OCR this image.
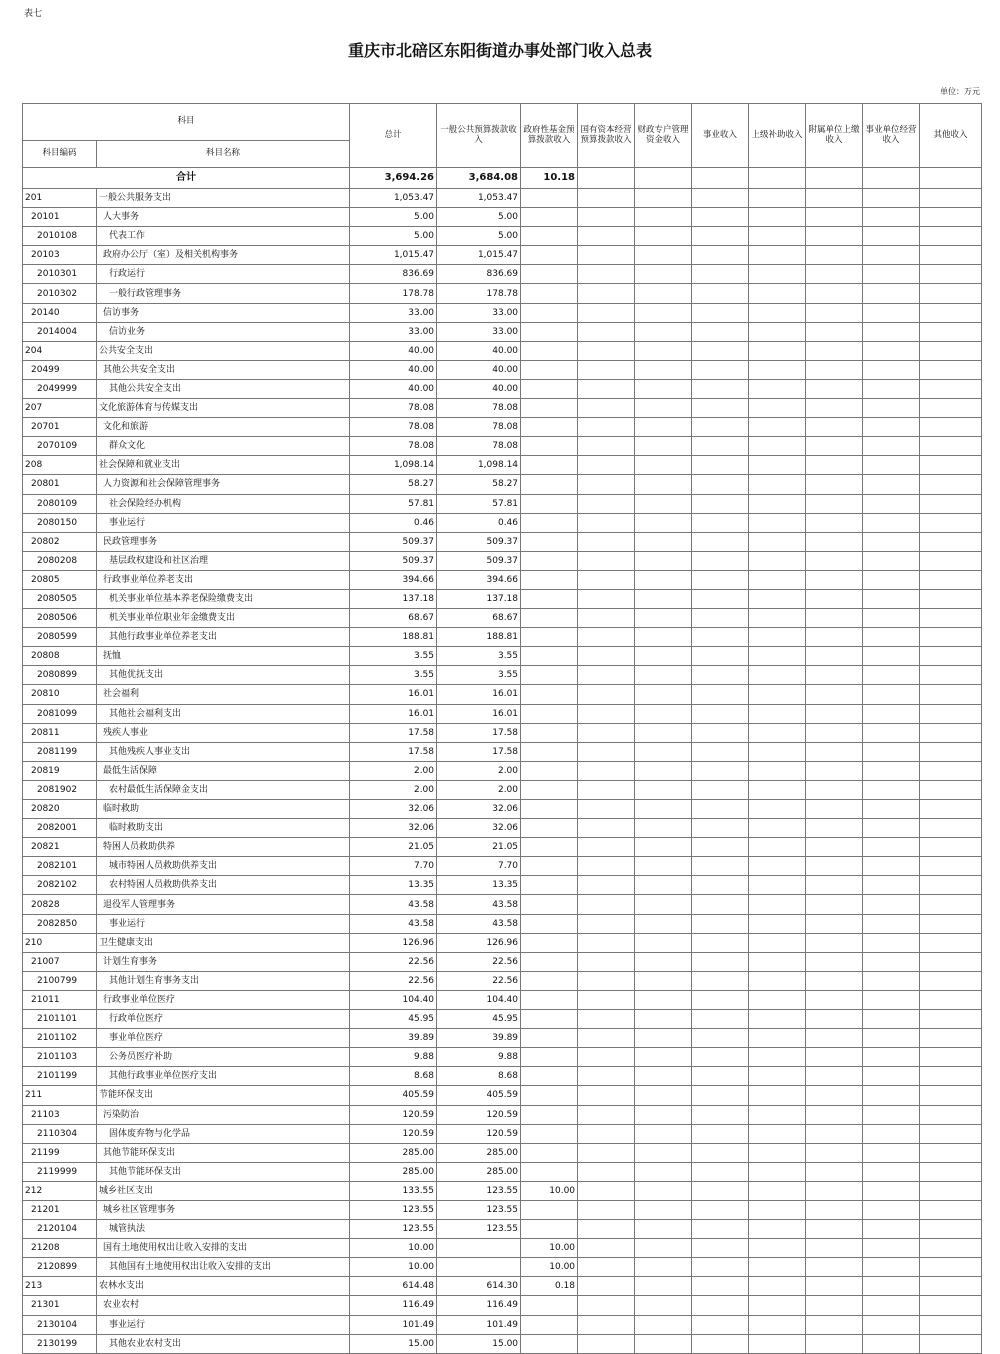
表七
重庆市北碚区东阳街道办事处部门收入总表
单位：万元
科目		总计	一般公共预算拨款收入	政府性基金预算拨款收入	国有资本经营预算拨款收入	财政专户管理资金收入	事业收入	上级补助收入	附属单位上缴收入	事业单位经营收入	其他收入
科目编码	科目名称										
合计		3,694.26	3,684.08	10.18							
201	一般公共服务支出	1,053.47	1,053.47								
20101	人大事务	5.00	5.00								
2010108	代表工作	5.00	5.00								
20103	政府办公厅（室）及相关机构事务	1,015.47	1,015.47								
2010301	行政运行	836.69	836.69								
2010302	一般行政管理事务	178.78	178.78								
20140	信访事务	33.00	33.00								
2014004	信访业务	33.00	33.00								
204	公共安全支出	40.00	40.00								
20499	其他公共安全支出	40.00	40.00								
2049999	其他公共安全支出	40.00	40.00								
207	文化旅游体育与传媒支出	78.08	78.08								
20701	文化和旅游	78.08	78.08								
2070109	群众文化	78.08	78.08								
208	社会保障和就业支出	1,098.14	1,098.14								
20801	人力资源和社会保障管理事务	58.27	58.27								
2080109	社会保险经办机构	57.81	57.81								
2080150	事业运行	0.46	0.46								
20802	民政管理事务	509.37	509.37								
2080208	基层政权建设和社区治理	509.37	509.37								
20805	行政事业单位养老支出	394.66	394.66								
2080505	机关事业单位基本养老保险缴费支出	137.18	137.18								
2080506	机关事业单位职业年金缴费支出	68.67	68.67								
2080599	其他行政事业单位养老支出	188.81	188.81								
20808	抚恤	3.55	3.55								
2080899	其他优抚支出	3.55	3.55								
20810	社会福利	16.01	16.01								
2081099	其他社会福利支出	16.01	16.01								
20811	残疾人事业	17.58	17.58								
2081199	其他残疾人事业支出	17.58	17.58								
20819	最低生活保障	2.00	2.00								
2081902	农村最低生活保障金支出	2.00	2.00								
20820	临时救助	32.06	32.06								
2082001	临时救助支出	32.06	32.06								
20821	特困人员救助供养	21.05	21.05								
2082101	城市特困人员救助供养支出	7.70	7.70								
2082102	农村特困人员救助供养支出	13.35	13.35								
20828	退役军人管理事务	43.58	43.58								
2082850	事业运行	43.58	43.58								
210	卫生健康支出	126.96	126.96								
21007	计划生育事务	22.56	22.56								
2100799	其他计划生育事务支出	22.56	22.56								
21011	行政事业单位医疗	104.40	104.40								
2101101	行政单位医疗	45.95	45.95								
2101102	事业单位医疗	39.89	39.89								
2101103	公务员医疗补助	9.88	9.88								
2101199	其他行政事业单位医疗支出	8.68	8.68								
211	节能环保支出	405.59	405.59								
21103	污染防治	120.59	120.59								
2110304	固体废弃物与化学品	120.59	120.59								
21199	其他节能环保支出	285.00	285.00								
2119999	其他节能环保支出	285.00	285.00								
212	城乡社区支出	133.55	123.55	10.00							
21201	城乡社区管理事务	123.55	123.55								
2120104	城管执法	123.55	123.55								
21208	国有土地使用权出让收入安排的支出	10.00		10.00							
2120899	其他国有土地使用权出让收入安排的支出	10.00		10.00							
213	农林水支出	614.48	614.30	0.18							
21301	农业农村	116.49	116.49								
2130104	事业运行	101.49	101.49								
2130199	其他农业农村支出	15.00	15.00								
